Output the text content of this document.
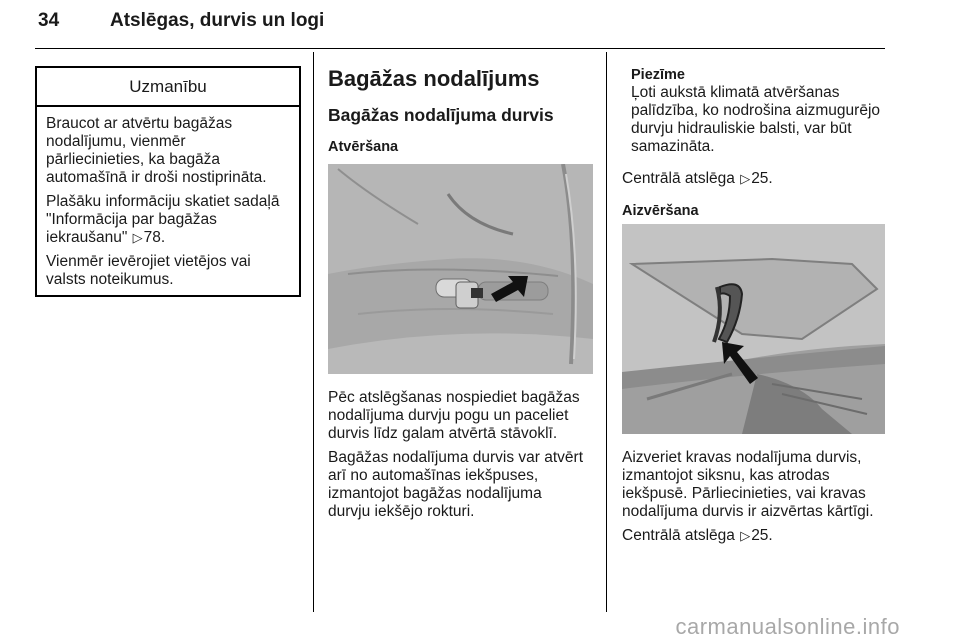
34	Atslēgas, durvis un logi
Uzmanību

Braucot ar atvērtu bagāžas
nodalījumu, vienmēr
pārliecinieties, ka bagāža
automašīnā ir droši nostiprināta.

Plašāku informāciju skatiet sadaļā
"Informācija par bagāžas
iekraušanu" ▷78.

Vienmēr ievērojiet vietējos vai
valsts noteikumus.

Bagāžas nodalījums
Bagāžas nodalījuma durvis
Atvēršana

Pēc atslēgšanas nospiediet bagāžas
nodalījuma durvju pogu un paceliet
durvis līdz galam atvērtā stāvoklī.

Bagāžas nodalījuma durvis var atvērt
arī no automašīnas iekšpuses,
izmantojot bagāžas nodalījuma
durvju iekšējo rokturi.

Piezīme

Ļoti aukstā klimatā atvēršanas
palīdzība, ko nodrošina aizmugurējo
durvju hidrauliskie balsti, var būt
samazināta.

Centrālā atslēga ▷25.

Aizvēršana

Aizveriet kravas nodalījuma durvis,
izmantojot siksnu, kas atrodas
iekšpusē. Pārliecinieties, vai kravas
nodalījuma durvis ir aizvērtas kārtīgi.

Centrālā atslēga ▷25.

carmanualsonline.info
